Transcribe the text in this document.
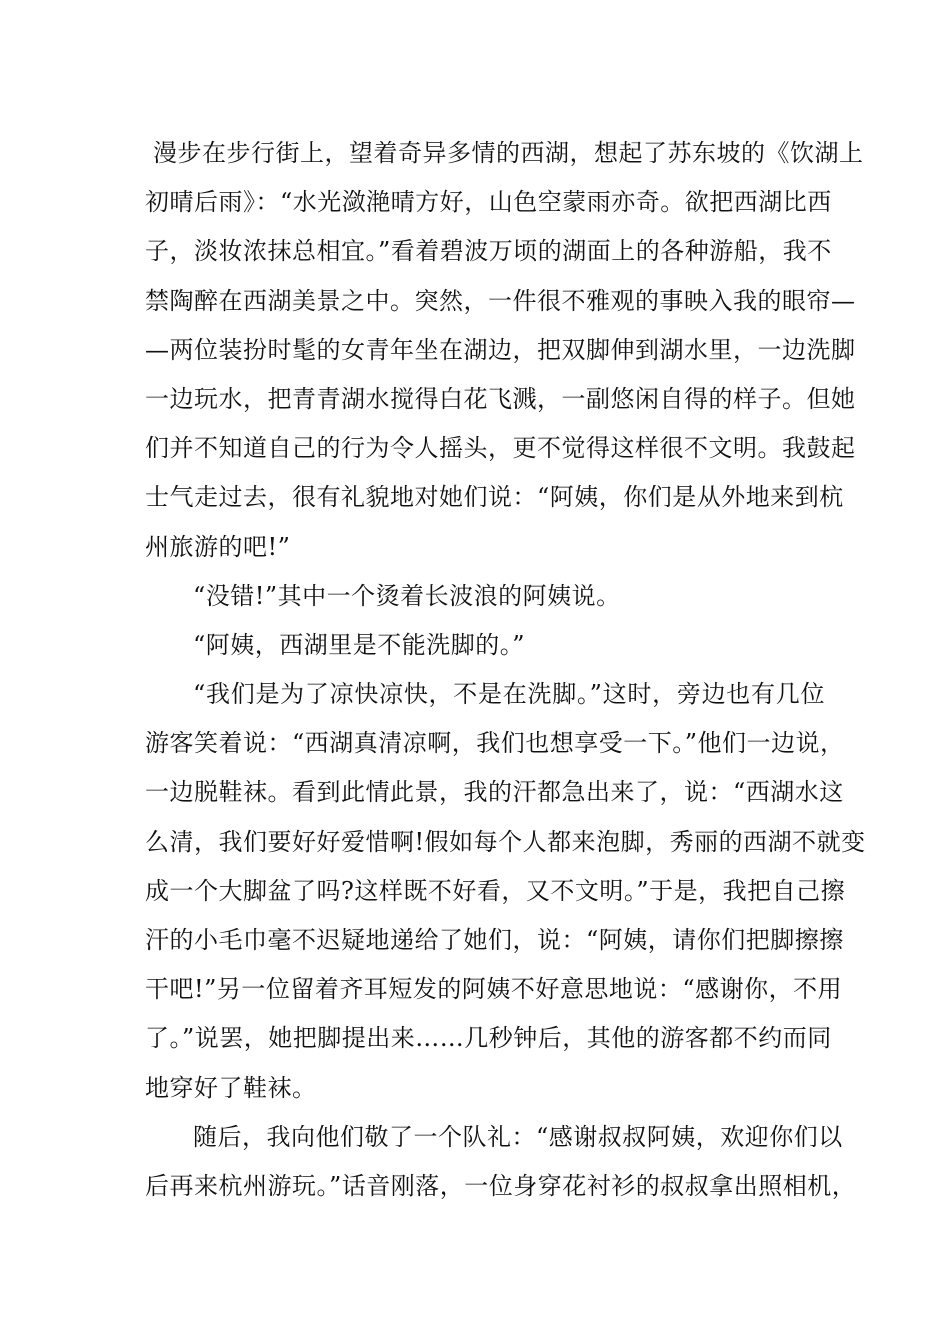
漫步在步行街上，望着奇异多情的西湖，想起了苏东坡的《饮湖上
初晴后雨》：“水光潋滟晴方好，山色空蒙雨亦奇。欲把西湖比西
子，淡妆浓抹总相宜。”看着碧波万顷的湖面上的各种游船，我不
禁陶醉在西湖美景之中。突然，一件很不雅观的事映入我的眼帘—
—两位装扮时髦的女青年坐在湖边，把双脚伸到湖水里，一边洗脚
一边玩水，把青青湖水搅得白花飞溅，一副悠闲自得的样子。但她
们并不知道自己的行为令人摇头，更不觉得这样很不文明。我鼓起
士气走过去，很有礼貌地对她们说：“阿姨，你们是从外地来到杭
州旅游的吧!”
“没错!”其中一个烫着长波浪的阿姨说。
“阿姨，西湖里是不能洗脚的。”
“我们是为了凉快凉快，不是在洗脚。”这时，旁边也有几位
游客笑着说：“西湖真清凉啊，我们也想享受一下。”他们一边说，
一边脱鞋袜。看到此情此景，我的汗都急出来了，说：“西湖水这
么清，我们要好好爱惜啊!假如每个人都来泡脚，秀丽的西湖不就变
成一个大脚盆了吗?这样既不好看，又不文明。”于是，我把自己擦
汗的小毛巾毫不迟疑地递给了她们，说：“阿姨，请你们把脚擦擦
干吧!”另一位留着齐耳短发的阿姨不好意思地说：“感谢你，不用
了。”说罢，她把脚提出来……几秒钟后，其他的游客都不约而同
地穿好了鞋袜。
随后，我向他们敬了一个队礼：“感谢叔叔阿姨，欢迎你们以
后再来杭州游玩。”话音刚落，一位身穿花衬衫的叔叔拿出照相机，
